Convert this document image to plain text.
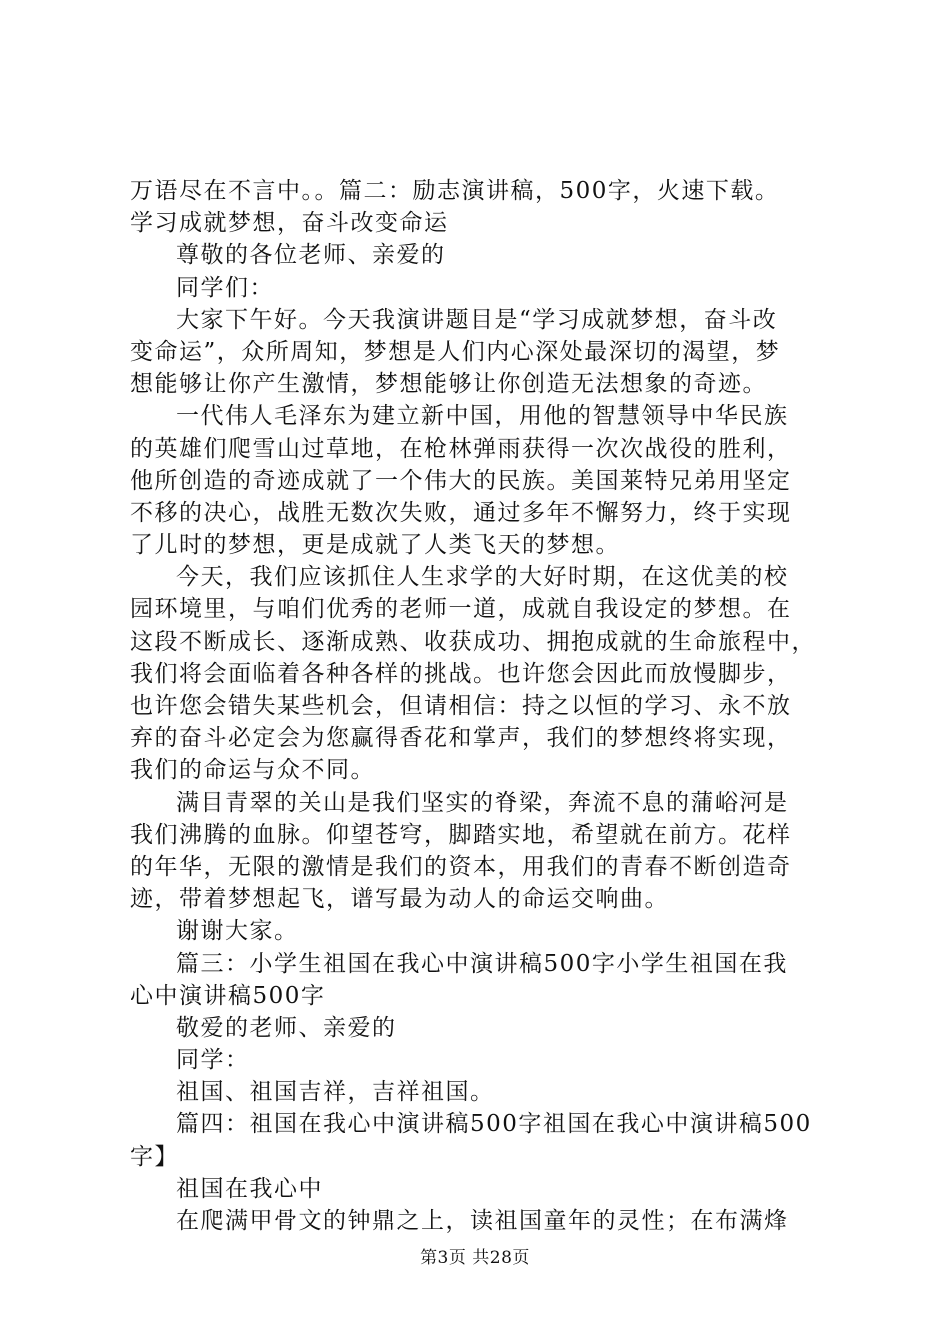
万语尽在不言中。。篇二：励志演讲稿，500字，火速下载。
学习成就梦想，奋斗改变命运
尊敬的各位老师、亲爱的
同学们：
大家下午好。今天我演讲题目是“学习成就梦想，奋斗改
变命运”，众所周知，梦想是人们内心深处最深切的渴望，梦
想能够让你产生激情，梦想能够让你创造无法想象的奇迹。
一代伟人毛泽东为建立新中国，用他的智慧领导中华民族
的英雄们爬雪山过草地，在枪林弹雨获得一次次战役的胜利，
他所创造的奇迹成就了一个伟大的民族。美国莱特兄弟用坚定
不移的决心，战胜无数次失败，通过多年不懈努力，终于实现
了儿时的梦想，更是成就了人类飞天的梦想。
今天，我们应该抓住人生求学的大好时期，在这优美的校
园环境里，与咱们优秀的老师一道，成就自我设定的梦想。在
这段不断成长、逐渐成熟、收获成功、拥抱成就的生命旅程中，
我们将会面临着各种各样的挑战。也许您会因此而放慢脚步，
也许您会错失某些机会，但请相信：持之以恒的学习、永不放
弃的奋斗必定会为您赢得香花和掌声，我们的梦想终将实现，
我们的命运与众不同。
满目青翠的关山是我们坚实的脊梁，奔流不息的蒲峪河是
我们沸腾的血脉。仰望苍穹，脚踏实地，希望就在前方。花样
的年华，无限的激情是我们的资本，用我们的青春不断创造奇
迹，带着梦想起飞，谱写最为动人的命运交响曲。
谢谢大家。
篇三：小学生祖国在我心中演讲稿500字小学生祖国在我
心中演讲稿500字
敬爱的老师、亲爱的
同学：
祖国、祖国吉祥，吉祥祖国。
篇四：祖国在我心中演讲稿500字祖国在我心中演讲稿500
字】
祖国在我心中
在爬满甲骨文的钟鼎之上，读祖国童年的灵性；在布满烽
第3页 共28页
